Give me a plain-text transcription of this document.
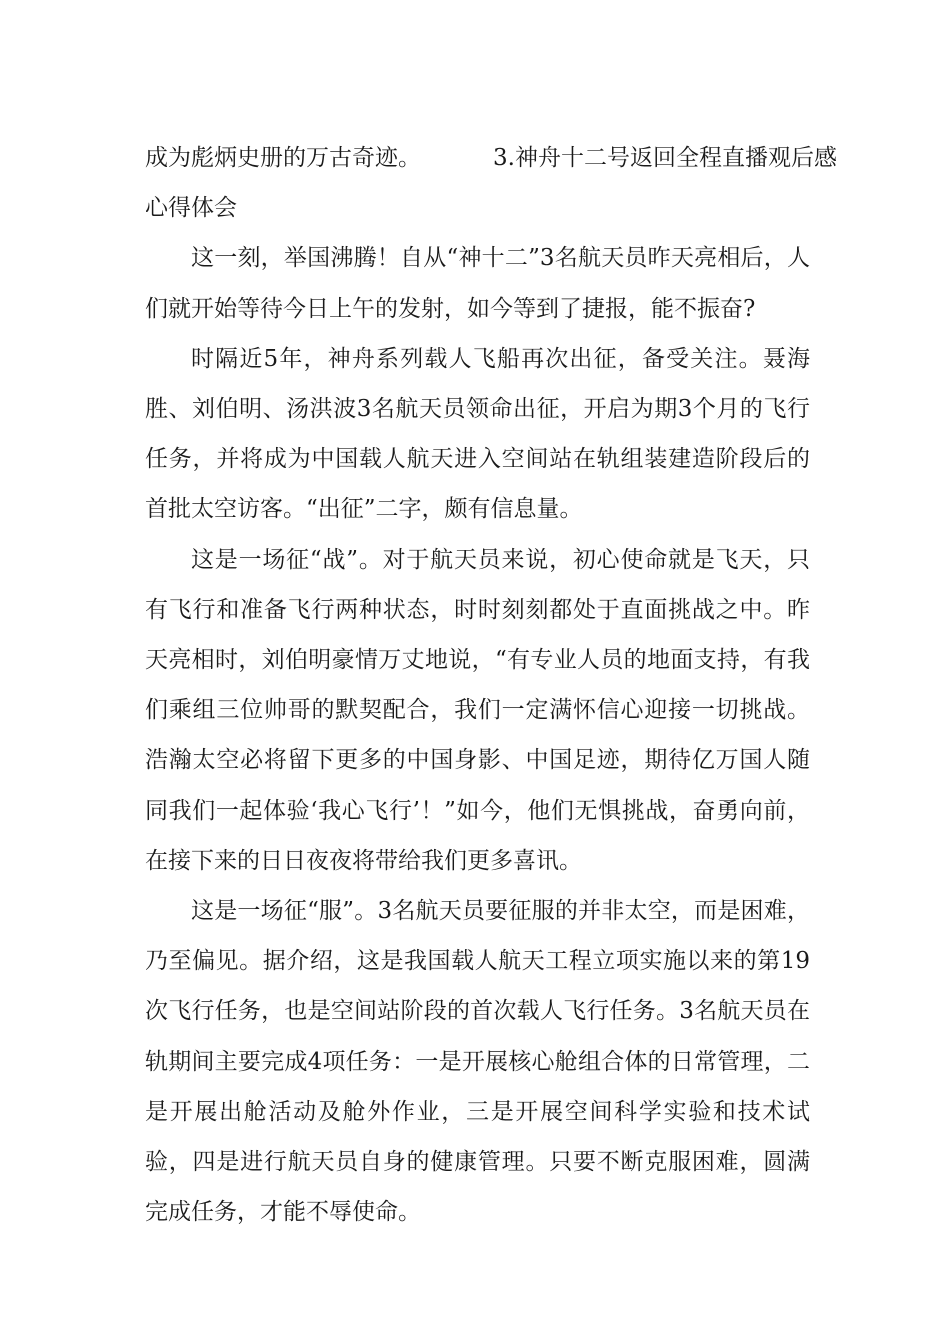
成为彪炳史册的万古奇迹。	3.神舟十二号返回全程直播观后感

心得体会

这一刻，举国沸腾！自从“神十二”3名航天员昨天亮相后，人们就开始等待今日上午的发射，如今等到了捷报，能不振奋?

时隔近5年，神舟系列载人飞船再次出征，备受关注。聂海胜、刘伯明、汤洪波3名航天员领命出征，开启为期3个月的飞行任务，并将成为中国载人航天进入空间站在轨组装建造阶段后的首批太空访客。“出征”二字，颇有信息量。

这是一场征“战”。对于航天员来说，初心使命就是飞天，只有飞行和准备飞行两种状态，时时刻刻都处于直面挑战之中。昨天亮相时，刘伯明豪情万丈地说，“有专业人员的地面支持，有我们乘组三位帅哥的默契配合，我们一定满怀信心迎接一切挑战。浩瀚太空必将留下更多的中国身影、中国足迹，期待亿万国人随同我们一起体验‘我心飞行’！”如今，他们无惧挑战，奋勇向前，在接下来的日日夜夜将带给我们更多喜讯。

这是一场征“服”。3名航天员要征服的并非太空，而是困难，乃至偏见。据介绍，这是我国载人航天工程立项实施以来的第19次飞行任务，也是空间站阶段的首次载人飞行任务。3名航天员在轨期间主要完成4项任务：一是开展核心舱组合体的日常管理，二是开展出舱活动及舱外作业，三是开展空间科学实验和技术试验，四是进行航天员自身的健康管理。只要不断克服困难，圆满完成任务，才能不辱使命。
